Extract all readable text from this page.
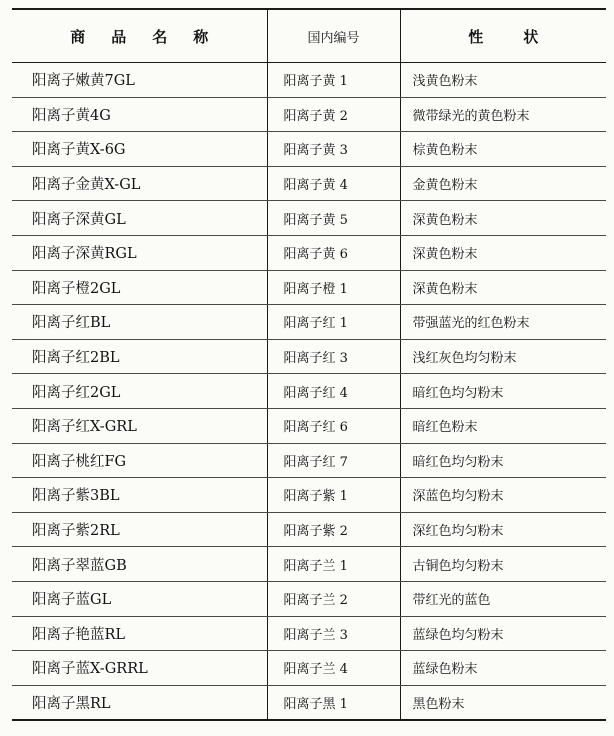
商品名称	国内编号	性状
阳离子嫩黄7GL	阳离子黄 1	浅黄色粉末
阳离子黄4G	阳离子黄 2	微带绿光的黄色粉末
阳离子黄X-6G	阳离子黄 3	棕黄色粉末
阳离子金黄X-GL	阳离子黄 4	金黄色粉末
阳离子深黄GL	阳离子黄 5	深黄色粉末
阳离子深黄RGL	阳离子黄 6	深黄色粉末
阳离子橙2GL	阳离子橙 1	深黄色粉末
阳离子红BL	阳离子红 1	带强蓝光的红色粉末
阳离子红2BL	阳离子红 3	浅红灰色均匀粉末
阳离子红2GL	阳离子红 4	暗红色均匀粉末
阳离子红X-GRL	阳离子红 6	暗红色粉末
阳离子桃红FG	阳离子红 7	暗红色均匀粉末
阳离子紫3BL	阳离子紫 1	深蓝色均匀粉末
阳离子紫2RL	阳离子紫 2	深红色均匀粉末
阳离子翠蓝GB	阳离子兰 1	古铜色均匀粉末
阳离子蓝GL	阳离子兰 2	带红光的蓝色
阳离子艳蓝RL	阳离子兰 3	蓝绿色均匀粉末
阳离子蓝X-GRRL	阳离子兰 4	蓝绿色粉末
阳离子黑RL	阳离子黑 1	黑色粉末
